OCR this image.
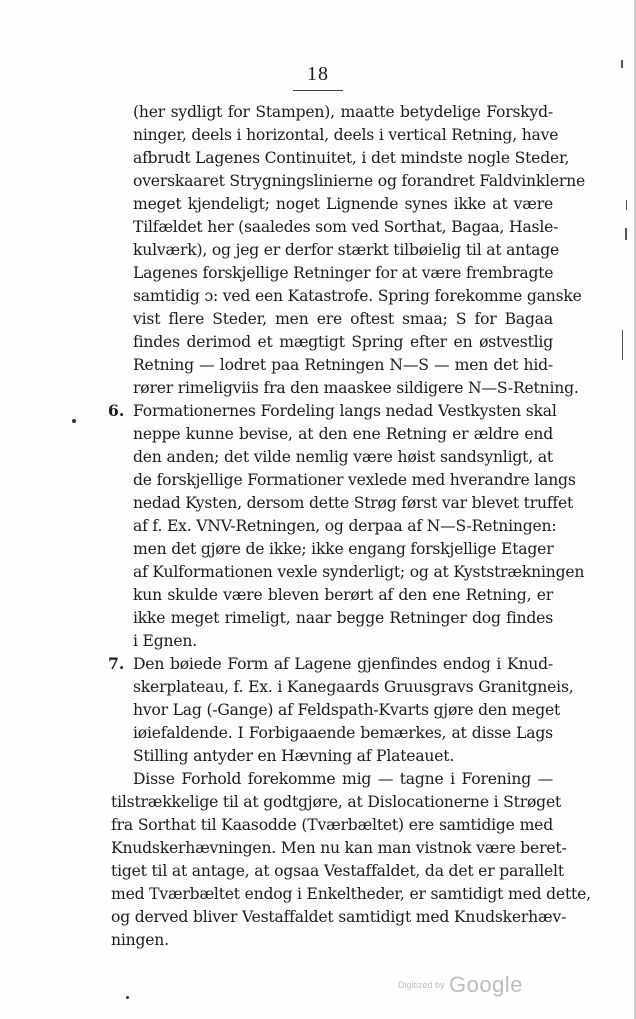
18
(her sydligt for Stampen), maatte betydelige Forskyd-
ninger, deels i horizontal, deels i vertical Retning, have
afbrudt Lagenes Continuitet, i det mindste nogle Steder,
overskaaret Strygningslinierne og forandret Faldvinklerne
meget kjendeligt; noget Lignende synes ikke at være
Tilfældet her (saaledes som ved Sorthat, Bagaa, Hasle-
kulværk), og jeg er derfor stærkt tilbøielig til at antage
Lagenes forskjellige Retninger for at være frembragte
samtidig ɔ: ved een Katastrofe. Spring forekomme ganske
vist flere Steder, men ere oftest smaa; S for Bagaa
findes derimod et mægtigt Spring efter en østvestlig
Retning — lodret paa Retningen N—S — men det hid-
rører rimeligviis fra den maaskee sildigere N—S-Retning.
6. Formationernes Fordeling langs nedad Vestkysten skal
neppe kunne bevise, at den ene Retning er ældre end
den anden; det vilde nemlig være høist sandsynligt, at
de forskjellige Formationer vexlede med hverandre langs
nedad Kysten, dersom dette Strøg først var blevet truffet
af f. Ex. VNV-Retningen, og derpaa af N—S-Retningen:
men det gjøre de ikke; ikke engang forskjellige Etager
af Kulformationen vexle synderligt; og at Kyststrækningen
kun skulde være bleven berørt af den ene Retning, er
ikke meget rimeligt, naar begge Retninger dog findes
i Egnen.
7. Den bøiede Form af Lagene gjenfindes endog i Knud-
skerplateau, f. Ex. i Kanegaards Gruusgravs Granitgneis,
hvor Lag (-Gange) af Feldspath-Kvarts gjøre den meget
iøiefaldende. I Forbigaaende bemærkes, at disse Lags
Stilling antyder en Hævning af Plateauet.
Disse Forhold forekomme mig — tagne i Forening —
tilstrækkelige til at godtgjøre, at Dislocationerne i Strøget
fra Sorthat til Kaasodde (Tværbæltet) ere samtidige med
Knudskerhævningen. Men nu kan man vistnok være beret-
tiget til at antage, at ogsaa Vestaffaldet, da det er parallelt
med Tværbæltet endog i Enkeltheder, er samtidigt med dette,
og derved bliver Vestaffaldet samtidigt med Knudskerhæv-
ningen.
Digitized by Google
